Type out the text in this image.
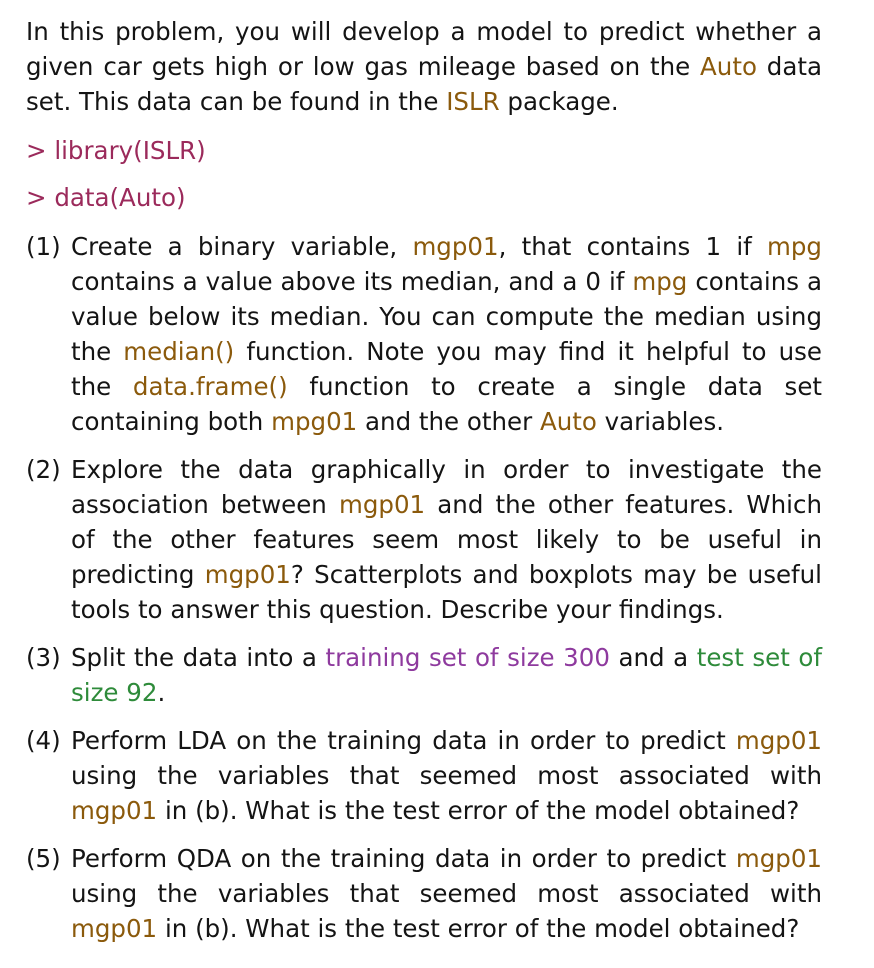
In this problem, you will develop a model to predict whether a given car gets high or low gas mileage based on the Auto data set. This data can be found in the ISLR package.

> library(ISLR)

> data(Auto)

(1) Create a binary variable, mgp01, that contains 1 if mpg contains a value above its median, and a 0 if mpg contains a value below its median. You can compute the median using the median() function. Note you may find it helpful to use the data.frame() function to create a single data set containing both mpg01 and the other Auto variables.

(2) Explore the data graphically in order to investigate the association between mgp01 and the other features. Which of the other features seem most likely to be useful in predicting mgp01? Scatterplots and boxplots may be useful tools to answer this question. Describe your findings.

(3) Split the data into a training set of size 300 and a test set of size 92.

(4) Perform LDA on the training data in order to predict mgp01 using the variables that seemed most associated with mgp01 in (b). What is the test error of the model obtained?

(5) Perform QDA on the training data in order to predict mgp01 using the variables that seemed most associated with mgp01 in (b). What is the test error of the model obtained?
